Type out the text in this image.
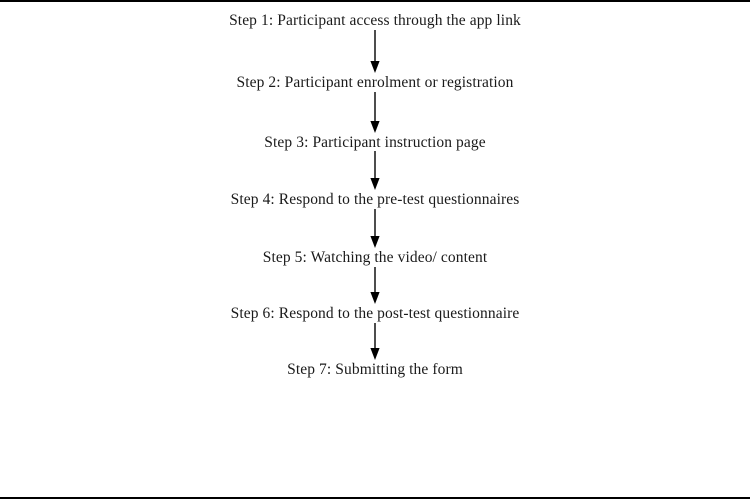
Step 1: Participant access through the app link
Step 2: Participant enrolment or registration
Step 3: Participant instruction page
Step 4: Respond to the pre-test questionnaires
Step 5: Watching the video/ content
Step 6: Respond to the post-test questionnaire
Step 7: Submitting the form
